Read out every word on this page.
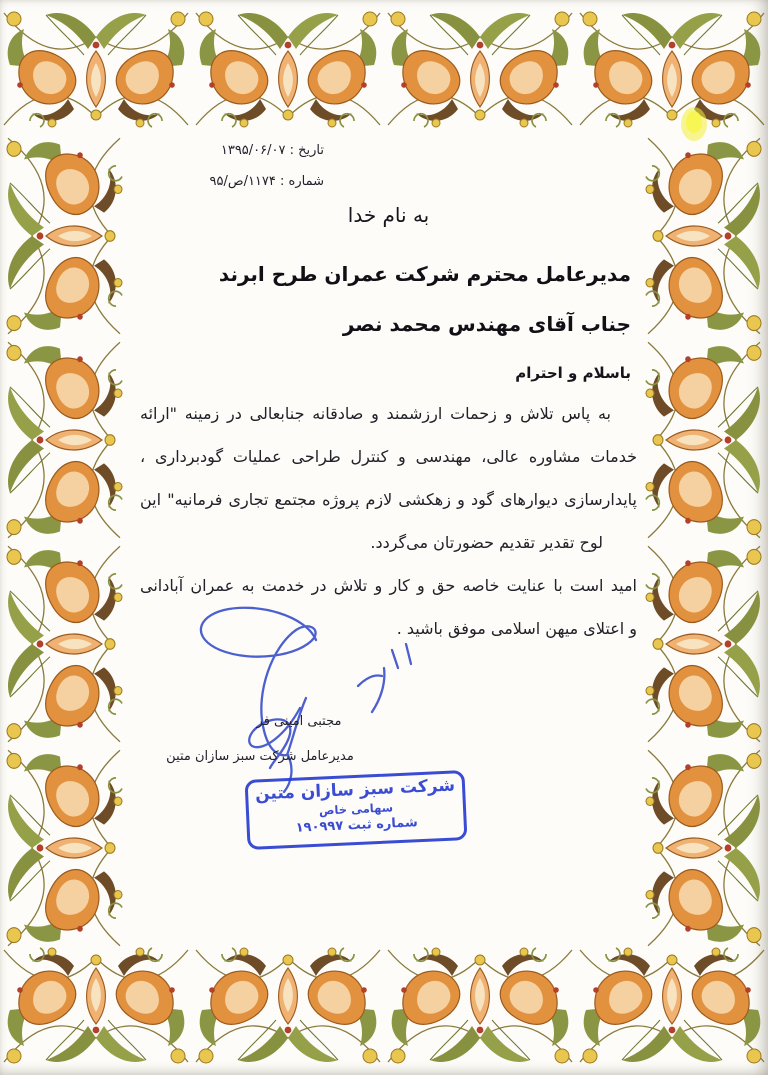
تاریخ : ۱۳۹۵/۰۶/۰۷
شماره : ۱۱۷۴/ص/۹۵
به نام خدا
مدیرعامل محترم شرکت عمران طرح ابرند
جناب آقای مهندس محمد نصر
باسلام و احترام
به پاس تلاش و زحمات ارزشمند و صادقانه جنابعالی در زمینه "ارائه
خدمات مشاوره عالی، مهندسی و کنترل طراحی عملیات گودبرداری ،
پایدارسازی دیوارهای گود و زهکشی لازم پروژه مجتمع تجاری فرمانیه" این
لوح تقدیر تقدیم حضورتان می‌گردد.
امید است با عنایت خاصه حق و کار و تلاش در خدمت به عمران آبادانی
و اعتلای میهن اسلامی موفق باشید .
مجتبی امینی فر
مدیرعامل شرکت سبز سازان متین
شرکت سبز سازان متین
سهامی خاص
شماره ثبت ۱۹۰۹۹۷
